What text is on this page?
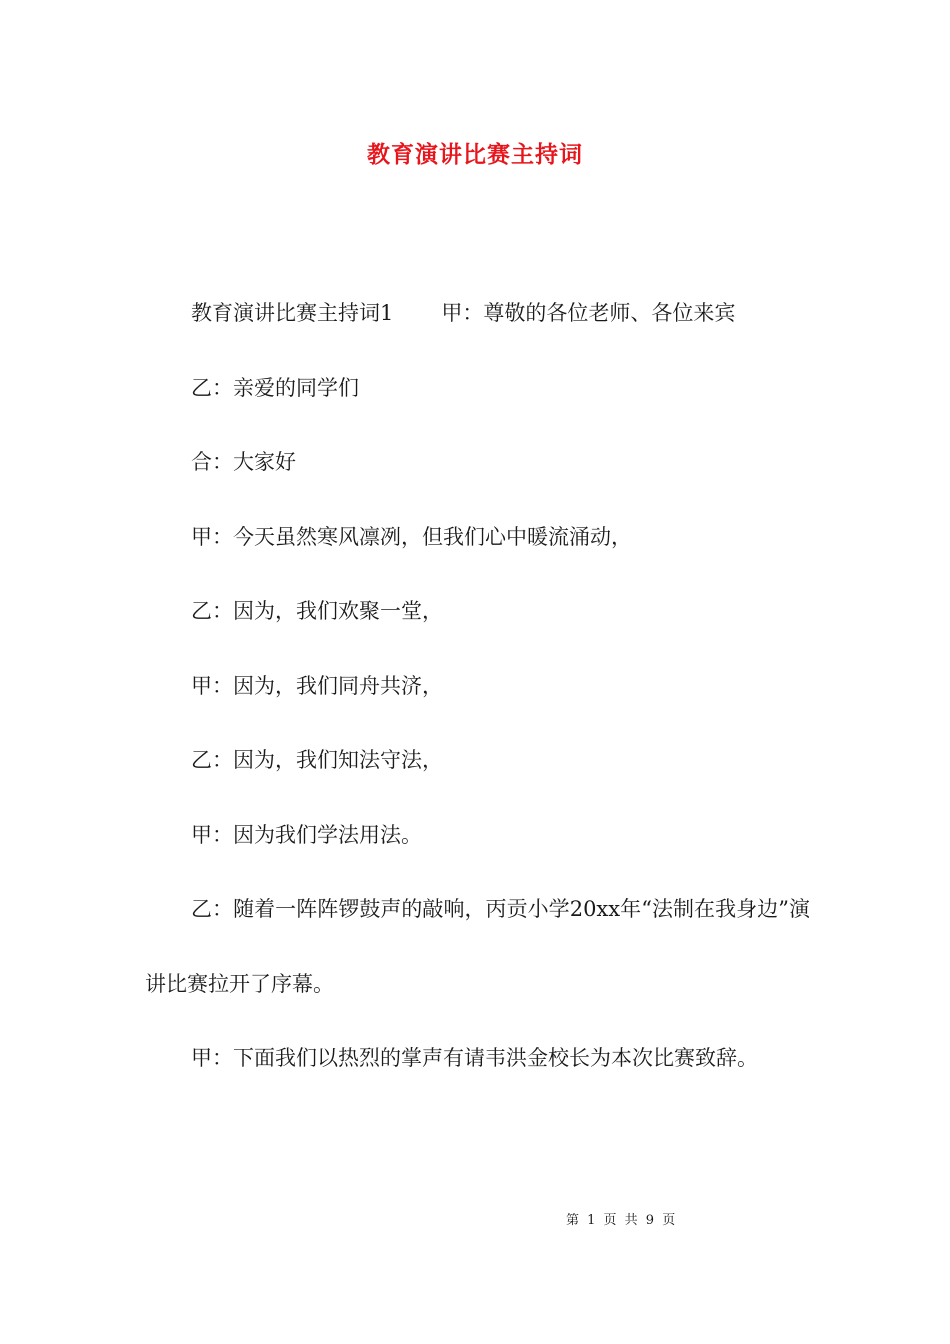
教育演讲比赛主持词

教育演讲比赛主持词1 甲：尊敬的各位老师、各位来宾

乙：亲爱的同学们

合：大家好

甲：今天虽然寒风凛冽，但我们心中暖流涌动，

乙：因为，我们欢聚一堂，

甲：因为，我们同舟共济，

乙：因为，我们知法守法，

甲：因为我们学法用法。

乙：随着一阵阵锣鼓声的敲响，丙贡小学20xx年“法制在我身边”演讲比赛拉开了序幕。

甲：下面我们以热烈的掌声有请韦洪金校长为本次比赛致辞。

第 1 页 共 9 页
